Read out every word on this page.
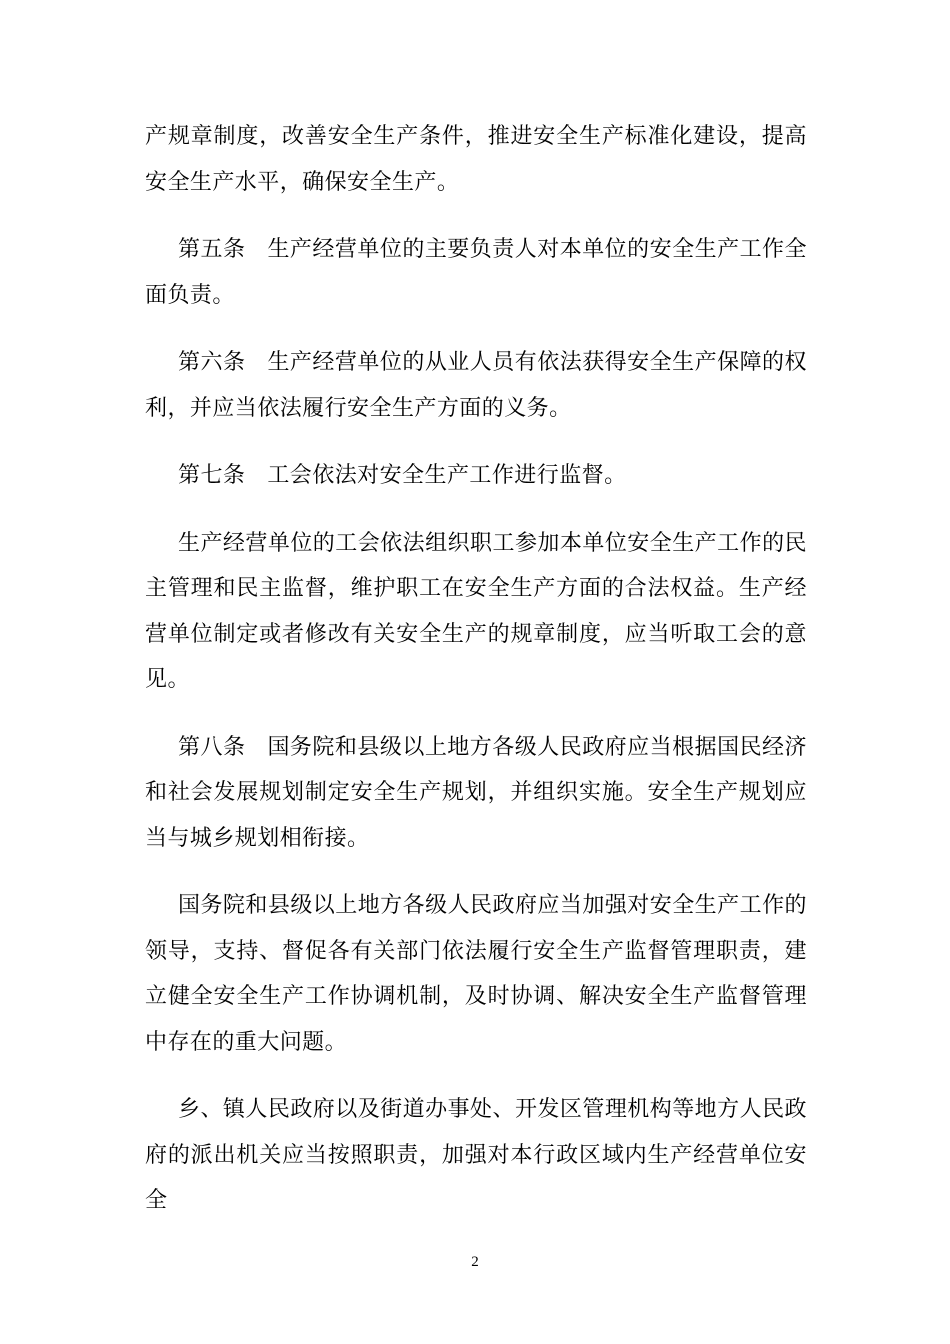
产规章制度，改善安全生产条件，推进安全生产标准化建设，提高安全生产水平，确保安全生产。

第五条 生产经营单位的主要负责人对本单位的安全生产工作全面负责。

第六条 生产经营单位的从业人员有依法获得安全生产保障的权利，并应当依法履行安全生产方面的义务。

第七条 工会依法对安全生产工作进行监督。

生产经营单位的工会依法组织职工参加本单位安全生产工作的民主管理和民主监督，维护职工在安全生产方面的合法权益。生产经营单位制定或者修改有关安全生产的规章制度，应当听取工会的意见。

第八条 国务院和县级以上地方各级人民政府应当根据国民经济和社会发展规划制定安全生产规划，并组织实施。安全生产规划应当与城乡规划相衔接。

国务院和县级以上地方各级人民政府应当加强对安全生产工作的领导，支持、督促各有关部门依法履行安全生产监督管理职责，建立健全安全生产工作协调机制，及时协调、解决安全生产监督管理中存在的重大问题。

乡、镇人民政府以及街道办事处、开发区管理机构等地方人民政府的派出机关应当按照职责，加强对本行政区域内生产经营单位安全

2
